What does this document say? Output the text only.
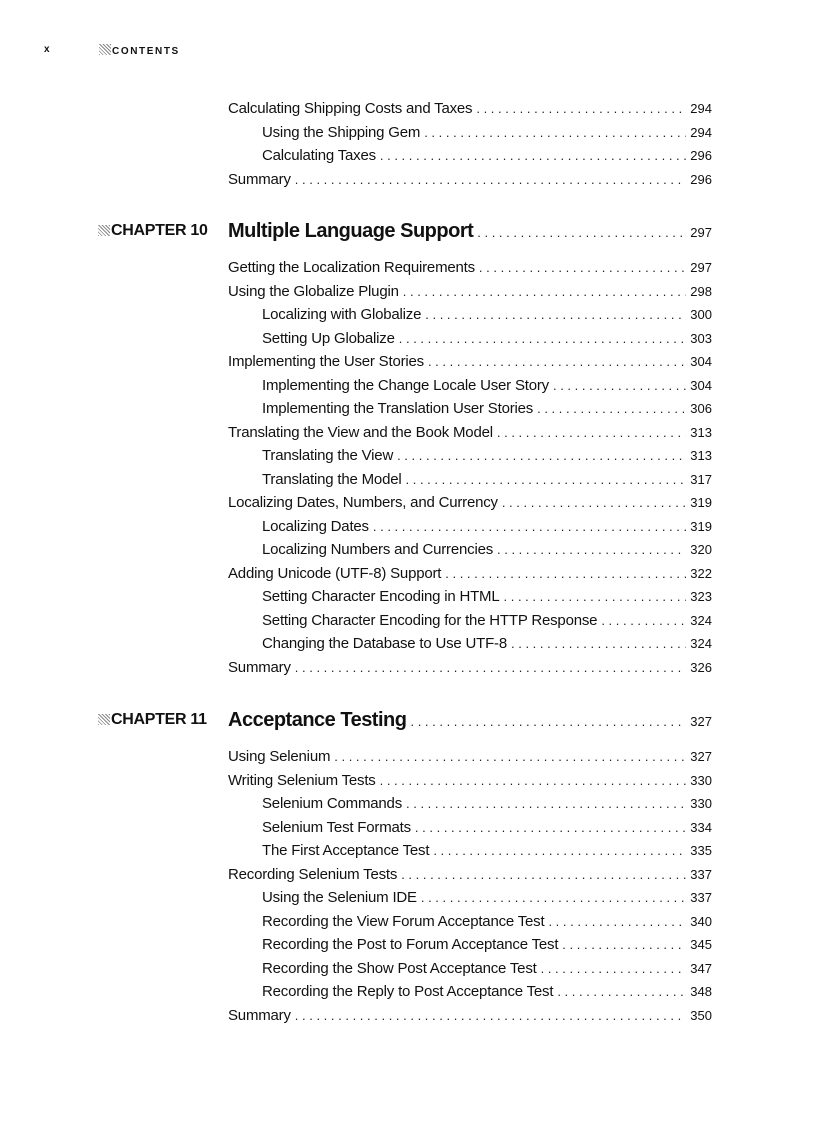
x	CONTENTS
Calculating Shipping Costs and Taxes . . .	294
Using the Shipping Gem . . .	294
Calculating Taxes . . .	296
Summary . . .	296
CHAPTER 10 Multiple Language Support . . .	297
Getting the Localization Requirements . . .	297
Using the Globalize Plugin . . .	298
Localizing with Globalize . . .	300
Setting Up Globalize . . .	303
Implementing the User Stories . . .	304
Implementing the Change Locale User Story . . .	304
Implementing the Translation User Stories . . .	306
Translating the View and the Book Model . . .	313
Translating the View . . .	313
Translating the Model . . .	317
Localizing Dates, Numbers, and Currency . . .	319
Localizing Dates . . .	319
Localizing Numbers and Currencies . . .	320
Adding Unicode (UTF-8) Support . . .	322
Setting Character Encoding in HTML . . .	323
Setting Character Encoding for the HTTP Response . . .	324
Changing the Database to Use UTF-8 . . .	324
Summary . . .	326
CHAPTER 11 Acceptance Testing . . .	327
Using Selenium . . .	327
Writing Selenium Tests . . .	330
Selenium Commands . . .	330
Selenium Test Formats . . .	334
The First Acceptance Test . . .	335
Recording Selenium Tests . . .	337
Using the Selenium IDE . . .	337
Recording the View Forum Acceptance Test . . .	340
Recording the Post to Forum Acceptance Test . . .	345
Recording the Show Post Acceptance Test . . .	347
Recording the Reply to Post Acceptance Test . . .	348
Summary . . .	350
